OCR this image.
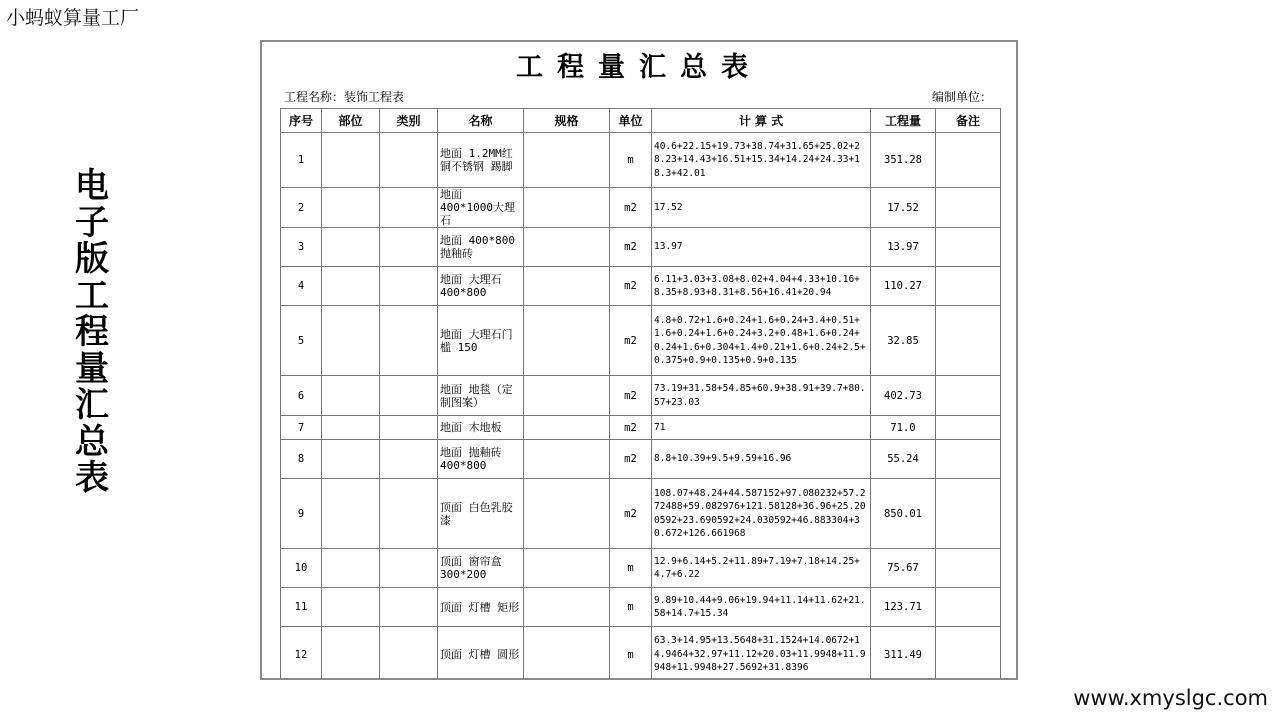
小蚂蚁算量工厂
电子版工程量汇总表
www.xmyslgc.com
工程量汇总表
工程名称：装饰工程表	编制单位：
序号	部位	类别	名称	规格	单位	计 算 式	工程量	备注
1			地面 1.2MM红铜不锈钢 踢脚		m	40.6+22.15+19.73+38.74+31.65+25.02+28.23+14.43+16.51+15.34+14.24+24.33+18.3+42.01	351.28	
2			地面 400*1000大理石		m2	17.52	17.52	
3			地面 400*800抛釉砖		m2	13.97	13.97	
4			地面 大理石400*800		m2	6.11+3.03+3.08+8.02+4.04+4.33+10.16+8.35+8.93+8.31+8.56+16.41+20.94	110.27	
5			地面 大理石门槛 150		m2	4.8+0.72+1.6+0.24+1.6+0.24+3.4+0.51+1.6+0.24+1.6+0.24+3.2+0.48+1.6+0.24+0.24+1.6+0.304+1.4+0.21+1.6+0.24+2.5+0.375+0.9+0.135+0.9+0.135	32.85	
6			地面 地毯（定制图案）		m2	73.19+31.58+54.85+60.9+38.91+39.7+80.57+23.03	402.73	
7			地面 木地板		m2	71	71.0	
8			地面 抛釉砖400*800		m2	8.8+10.39+9.5+9.59+16.96	55.24	
9			顶面 白色乳胶漆		m2	108.07+48.24+44.587152+97.080232+57.272488+59.082976+121.58128+36.96+25.200592+23.690592+24.030592+46.883304+30.672+126.661968	850.01	
10			顶面 窗帘盒300*200		m	12.9+6.14+5.2+11.89+7.19+7.18+14.25+4.7+6.22	75.67	
11			顶面 灯槽 矩形		m	9.89+10.44+9.06+19.94+11.14+11.62+21.58+14.7+15.34	123.71	
12			顶面 灯槽 圆形		m	63.3+14.95+13.5648+31.1524+14.0672+14.9464+32.97+11.12+20.03+11.9948+11.9948+11.9948+27.5692+31.8396	311.49	
